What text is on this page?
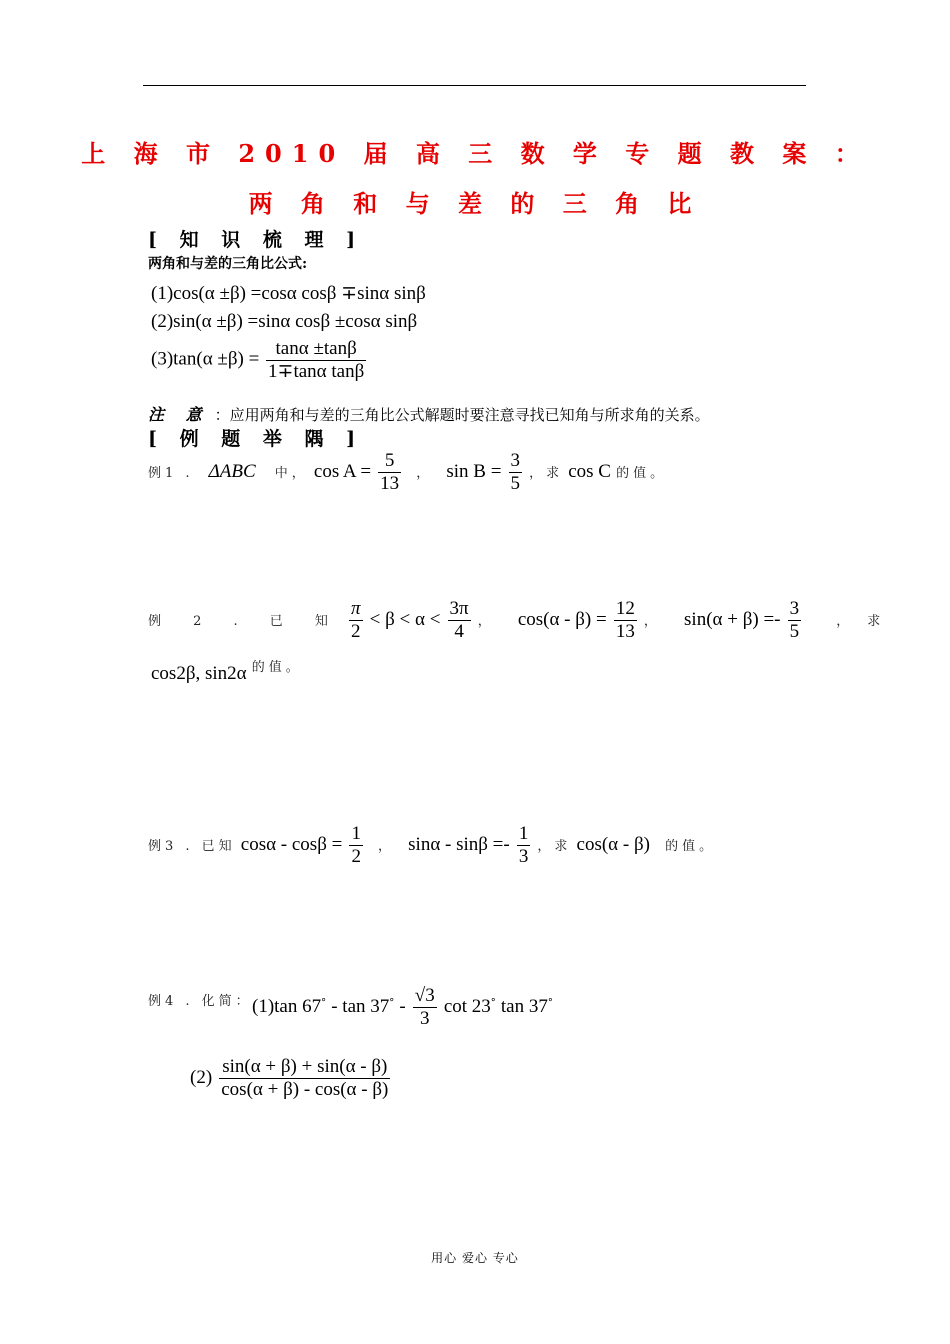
上 海 市 2010 届 高 三 数 学 专 题 教 案 ：
两 角 和 与 差 的 三 角 比
[ 知 识 梳 理 ]
两角和与差的三角比公式:
(1)cos(α ±β) =cosα cosβ ∓sinα sinβ
(2)sin(α ±β) =sinα cosβ ±cosα sinβ
$(3)\tan(\alpha \pm\beta) = \frac{\tan\alpha \pm\tan\beta}{\text{1∓tanα tanβ}}$
注 意 ：应用两角和与差的三角比公式解题时要注意寻找已知角与所求角的关系。
[ 例 题 举 隅 ]
例1 . ΔABC 中， $\cos A = \frac{5}{13}$ ， $\sin B = \frac{3}{5}$ ，求 cos C 的值。
例 2 . 已 知 $\frac{\pi}{2} < \beta < \alpha < \frac{3\pi}{4}$ ， $\cos(\alpha - \beta) = \frac{12}{13}$ ， $\sin(\alpha + \beta) =- \frac{3}{5}$	，求
cos2β, sin2α $^{的值。}$
例3 . 已知 $\cos\alpha - \cos\beta = \frac{1}{2}$ ， $\sin\alpha - \sin\beta =- \frac{1}{3}$ ，求 cos(α - β) 的值。
例4 . 化简： (1)tan $67^\circ - \tan 37^\circ - \frac{√3}{3}$ cot 23° tan 37°
$(2) \frac{\sin(\alpha + \beta) + \sin(\alpha - \beta)}{\cos(\alpha + \beta) - \cos(\alpha - \beta)}$
用心 爱心 专心
